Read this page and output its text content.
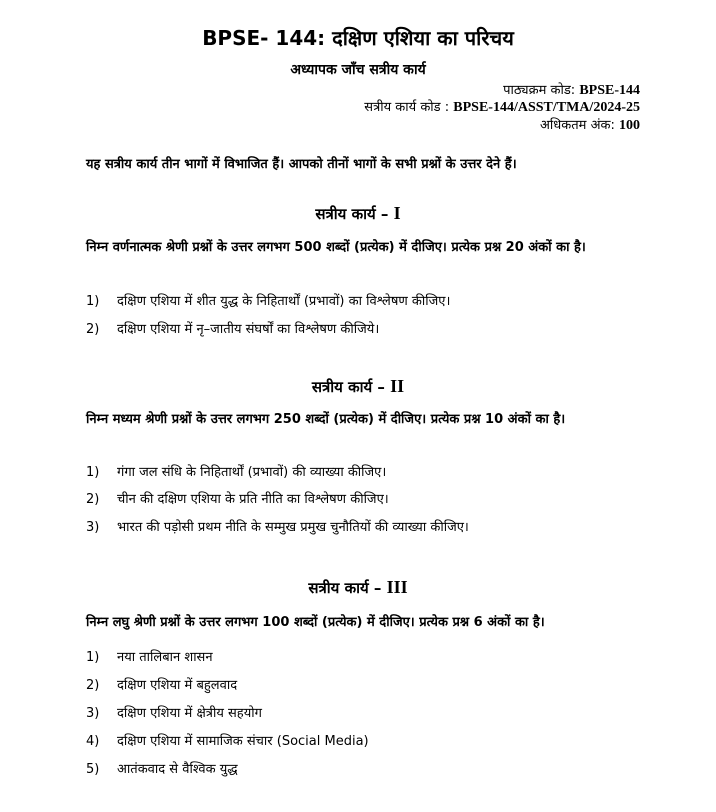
BPSE- 144: दक्षिण एशिया का परिचय
अध्यापक जाँच सत्रीय कार्य
पाठ्यक्रम कोड: BPSE-144
सत्रीय कार्य कोड : BPSE-144/ASST/TMA/2024-25
अधिकतम अंक: 100
यह सत्रीय कार्य तीन भागों में विभाजित हैं। आपको तीनों भागों के सभी प्रश्नों के उत्तर देने हैं।
सत्रीय कार्य – I
निम्न वर्णनात्मक श्रेणी प्रश्नों के उत्तर लगभग 500 शब्दों (प्रत्येक) में दीजिए। प्रत्येक प्रश्न 20 अंकों का है।
1) दक्षिण एशिया में शीत युद्ध के निहितार्थों (प्रभावों) का विश्लेषण कीजिए।
2) दक्षिण एशिया में नृ–जातीय संघर्षों का विश्लेषण कीजिये।
सत्रीय कार्य – II
निम्न मध्यम श्रेणी प्रश्नों के उत्तर लगभग 250 शब्दों (प्रत्येक) में दीजिए। प्रत्येक प्रश्न 10 अंकों का है।
1) गंगा जल संधि के निहितार्थों (प्रभावों) की व्याख्या कीजिए।
2) चीन की दक्षिण एशिया के प्रति नीति का विश्लेषण कीजिए।
3) भारत की पड़ोसी प्रथम नीति के सम्मुख प्रमुख चुनौतियों की व्याख्या कीजिए।
सत्रीय कार्य – III
निम्न लघु श्रेणी प्रश्नों के उत्तर लगभग 100 शब्दों (प्रत्येक) में दीजिए। प्रत्येक प्रश्न 6 अंकों का है।
1) नया तालिबान शासन
2) दक्षिण एशिया में बहुलवाद
3) दक्षिण एशिया में क्षेत्रीय सहयोग
4) दक्षिण एशिया में सामाजिक संचार (Social Media)
5) आतंकवाद से वैश्विक युद्ध
